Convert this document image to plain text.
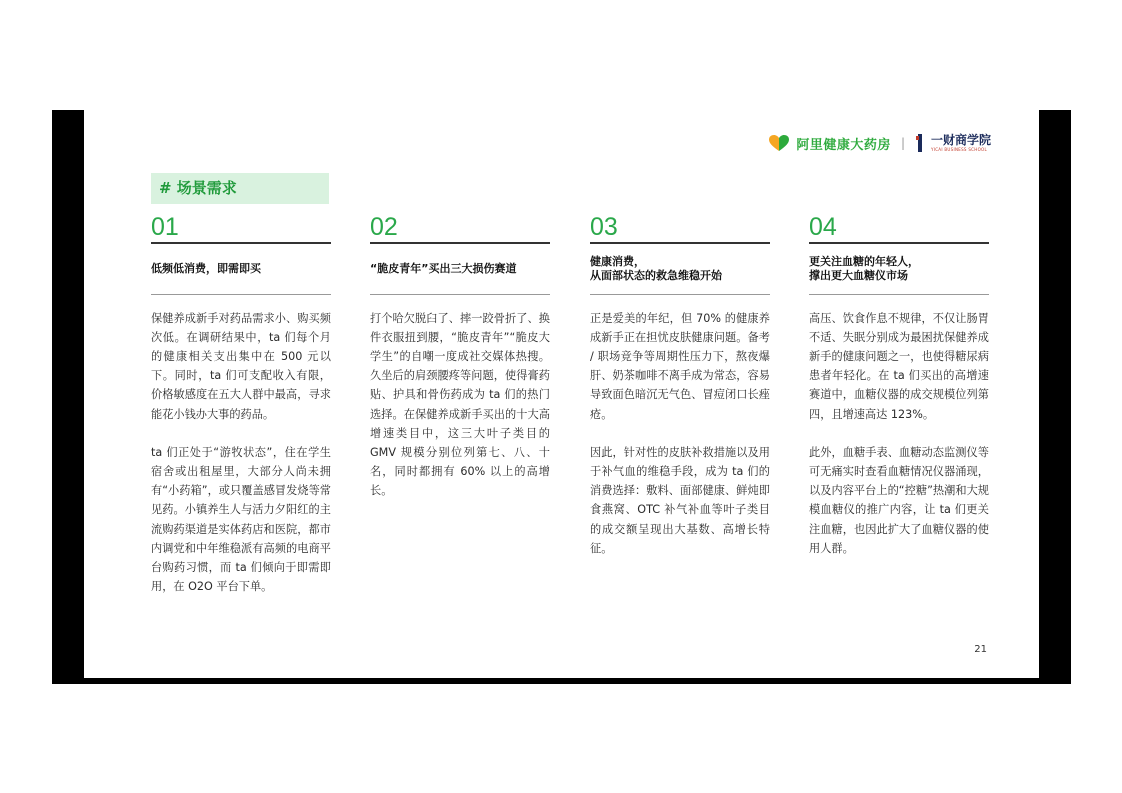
阿里健康大药房 | 一财商学院
YICAI BUSINESS SCHOOL
# 场景需求
01
低频低消费，即需即买

保健养成新手对药品需求小、购买频次低。在调研结果中，ta 们每个月的健康相关支出集中在 500 元以下。同时，ta 们可支配收入有限，价格敏感度在五大人群中最高，寻求能花小钱办大事的药品。

ta 们正处于“游牧状态”，住在学生宿舍或出租屋里，大部分人尚未拥有“小药箱”，或只覆盖感冒发烧等常见药。小镇养生人与活力夕阳红的主流购药渠道是实体药店和医院，都市内调党和中年维稳派有高频的电商平台购药习惯，而 ta 们倾向于即需即用，在 O2O 平台下单。

02
“脆皮青年”买出三大损伤赛道

打个哈欠脱臼了、摔一跤骨折了、换件衣服扭到腰，“脆皮青年”“脆皮大学生”的自嘲一度成社交媒体热搜。久坐后的肩颈腰疼等问题，使得膏药贴、护具和骨伤药成为 ta 们的热门选择。在保健养成新手买出的十大高增速类目中，这三大叶子类目的 GMV 规模分别位列第七、八、十名，同时都拥有 60% 以上的高增长。

03
健康消费，
从面部状态的救急维稳开始

正是爱美的年纪，但 70% 的健康养成新手正在担忧皮肤健康问题。备考 / 职场竞争等周期性压力下，熬夜爆肝、奶茶咖啡不离手成为常态，容易导致面色暗沉无气色、冒痘闭口长痤疮。

因此，针对性的皮肤补救措施以及用于补气血的维稳手段，成为 ta 们的消费选择：敷料、面部健康、鲜炖即食燕窝、OTC 补气补血等叶子类目的成交额呈现出大基数、高增长特征。

04
更关注血糖的年轻人，
撑出更大血糖仪市场

高压、饮食作息不规律，不仅让肠胃不适、失眠分别成为最困扰保健养成新手的健康问题之一，也使得糖尿病患者年轻化。在 ta 们买出的高增速赛道中，血糖仪器的成交规模位列第四，且增速高达 123%。

此外，血糖手表、血糖动态监测仪等可无痛实时查看血糖情况仪器涌现，以及内容平台上的“控糖”热潮和大规模血糖仪的推广内容，让 ta 们更关注血糖，也因此扩大了血糖仪器的使用人群。

21
